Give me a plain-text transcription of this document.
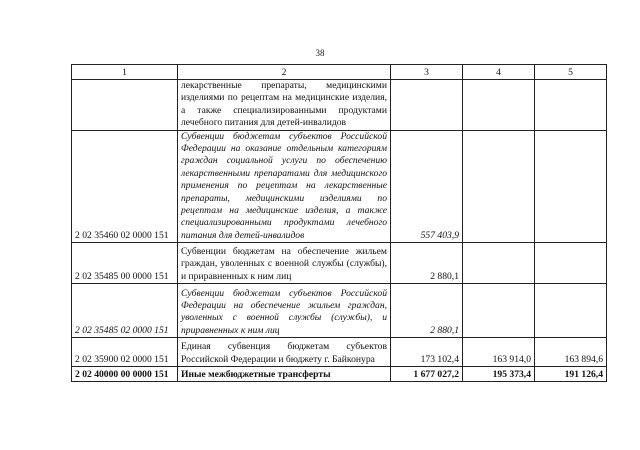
38
1	2	3	4	5
	лекарственные препараты, медицинскими изделиями по рецептам на медицинские изделия, а также специализированными продуктами лечебного питания для детей-инвалидов			
2 02 35460 02 0000 151	Субвенции бюджетам субъектов Российской Федерации на оказание отдельным категориям граждан социальной услуги по обеспечению лекарственными препаратами для медицинского применения по рецептам на лекарственные препараты, медицинскими изделиями по рецептам на медицинские изделия, а также специализированными продуктами лечебного питания для детей-инвалидов	557 403,9		
2 02 35485 00 0000 151	Субвенции бюджетам на обеспечение жильем граждан, уволенных с военной службы (службы), и приравненных к ним лиц	2 880,1		
2 02 35485 02 0000 151	Субвенции бюджетам субъектов Российской Федерации на обеспечение жильем граждан, уволенных с военной службы (службы), и приравненных к ним лиц	2 880,1		
2 02 35900 02 0000 151	Единая субвенция бюджетам субъектов Российской Федерации и бюджету г. Байконура	173 102,4	163 914,0	163 894,6
2 02 40000 00 0000 151	Иные межбюджетные трансферты	1 677 027,2	195 373,4	191 126,4
